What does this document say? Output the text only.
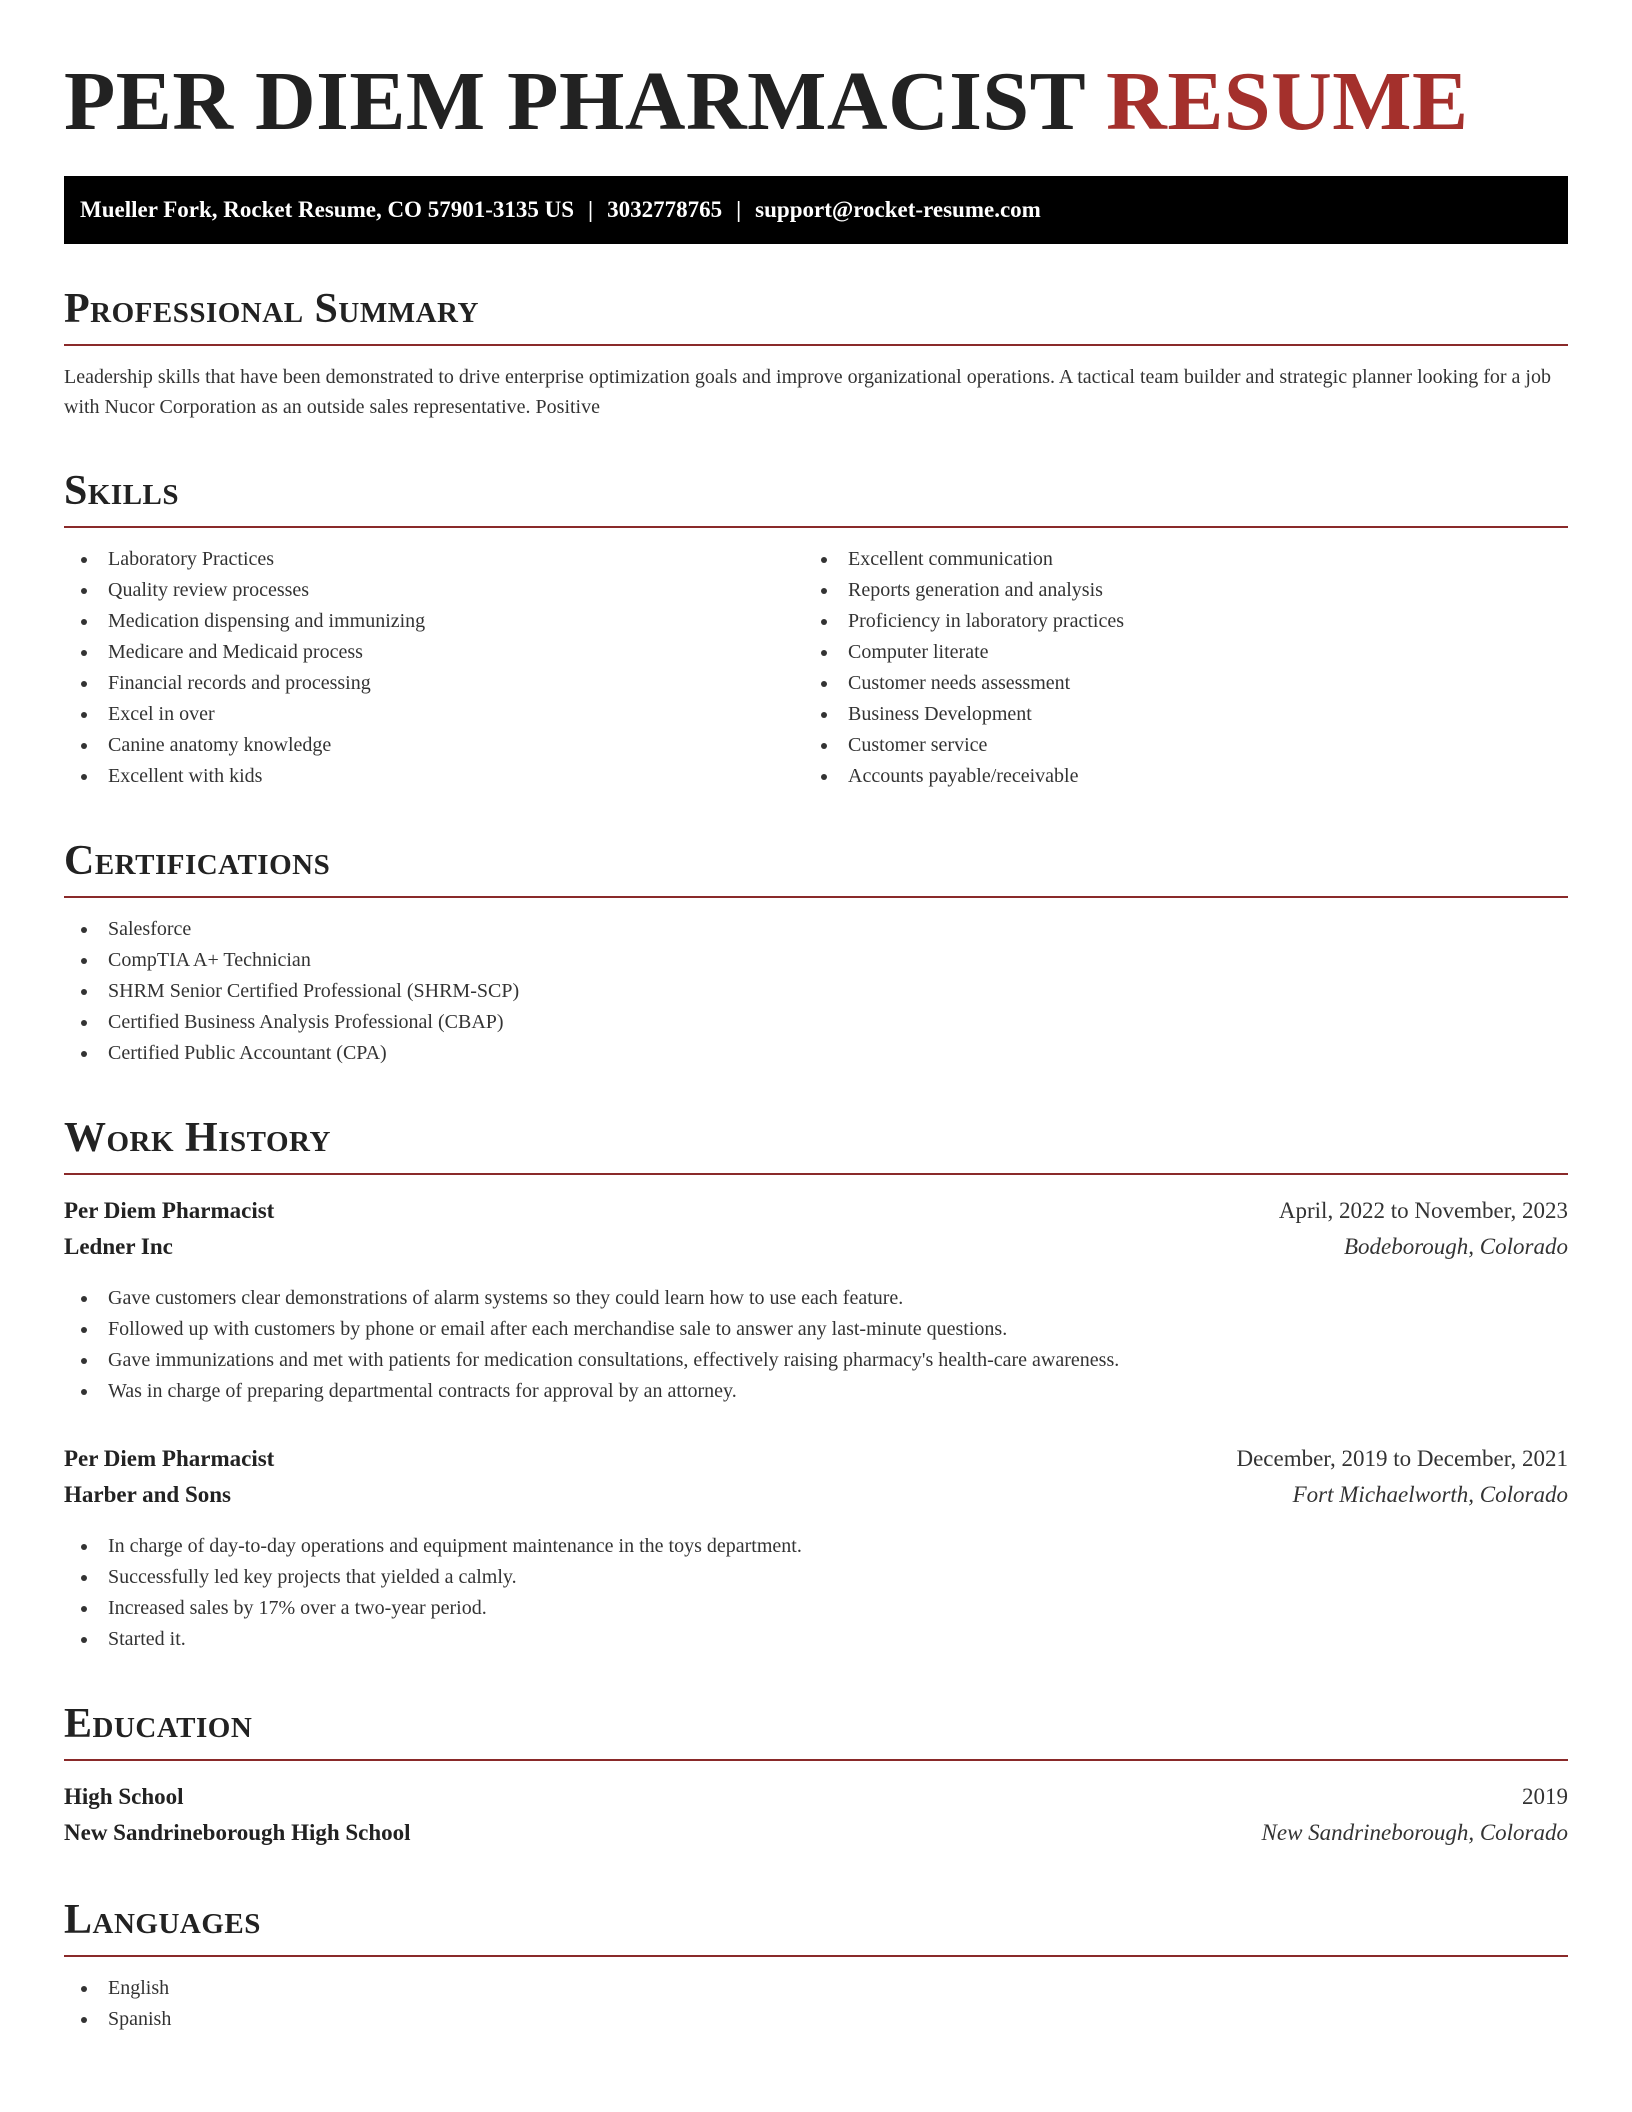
PER DIEM PHARMACIST RESUME
Mueller Fork, Rocket Resume, CO 57901-3135 US | 3032778765 | support@rocket-resume.com
Professional Summary

Leadership skills that have been demonstrated to drive enterprise optimization goals and improve organizational operations. A tactical team builder and strategic planner looking for a job with Nucor Corporation as an outside sales representative. Positive

Skills
Laboratory Practices
Quality review processes
Medication dispensing and immunizing
Medicare and Medicaid process
Financial records and processing
Excel in over
Canine anatomy knowledge
Excellent with kids
Excellent communication
Reports generation and analysis
Proficiency in laboratory practices
Computer literate
Customer needs assessment
Business Development
Customer service
Accounts payable/receivable
Certifications
Salesforce
CompTIA A+ Technician
SHRM Senior Certified Professional (SHRM-SCP)
Certified Business Analysis Professional (CBAP)
Certified Public Accountant (CPA)
Work History
Per Diem Pharmacist	April, 2022 to November, 2023
Ledner Inc	Bodeborough, Colorado
Gave customers clear demonstrations of alarm systems so they could learn how to use each feature.
Followed up with customers by phone or email after each merchandise sale to answer any last-minute questions.
Gave immunizations and met with patients for medication consultations, effectively raising pharmacy's health-care awareness.
Was in charge of preparing departmental contracts for approval by an attorney.
Per Diem Pharmacist	December, 2019 to December, 2021
Harber and Sons	Fort Michaelworth, Colorado
In charge of day-to-day operations and equipment maintenance in the toys department.
Successfully led key projects that yielded a calmly.
Increased sales by 17% over a two-year period.
Started it.
Education
High School	2019
New Sandrineborough High School	New Sandrineborough, Colorado
Languages
English
Spanish
